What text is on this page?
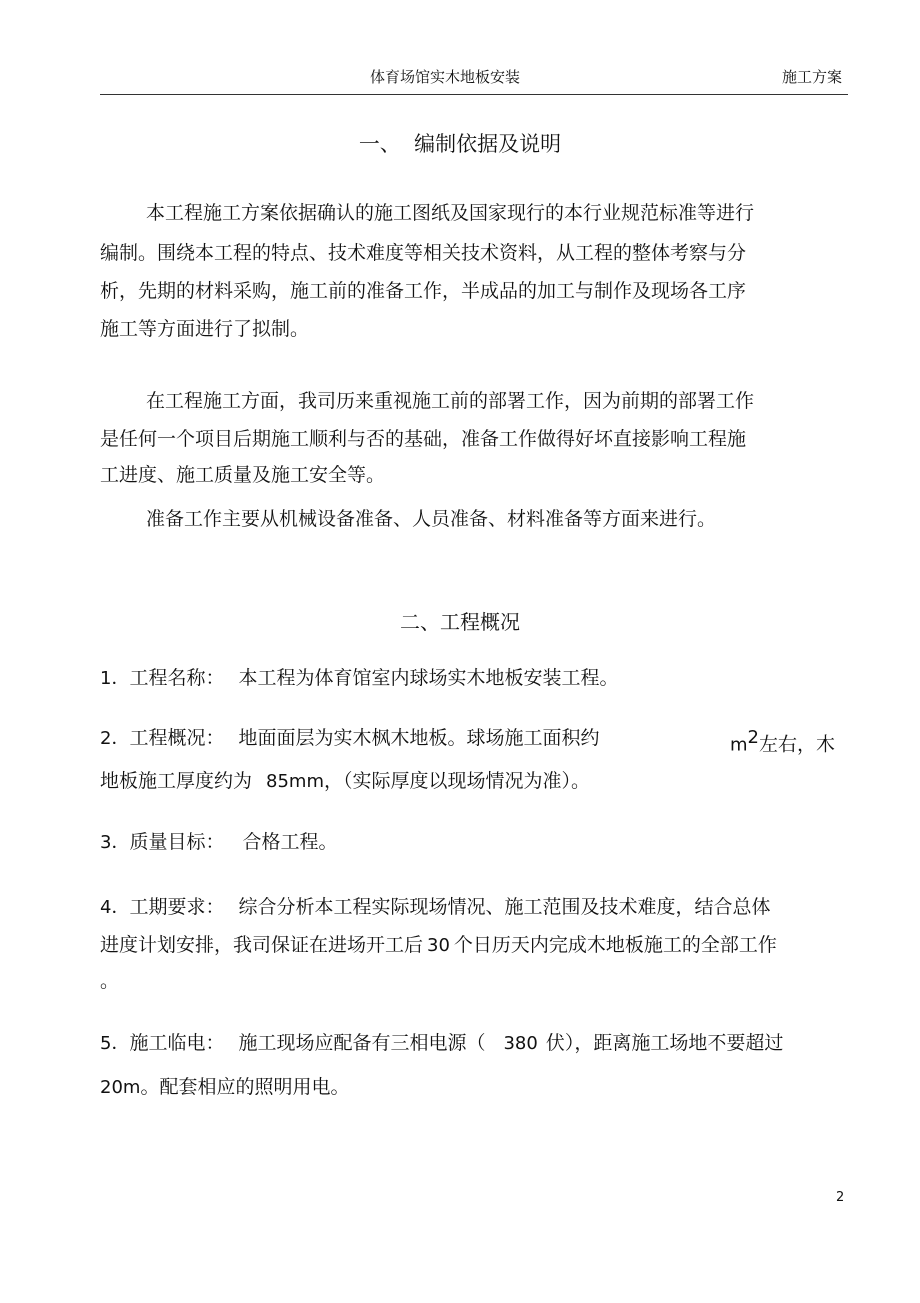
体育场馆实木地板安装	施工方案
一、  编制依据及说明
本工程施工方案依据确认的施工图纸及国家现行的本行业规范标准等进行
编制。围绕本工程的特点、技术难度等相关技术资料，从工程的整体考察与分
析，先期的材料采购，施工前的准备工作，半成品的加工与制作及现场各工序
施工等方面进行了拟制。
在工程施工方面，我司历来重视施工前的部署工作，因为前期的部署工作
是任何一个项目后期施工顺利与否的基础，准备工作做得好坏直接影响工程施
工进度、施工质量及施工安全等。
准备工作主要从机械设备准备、人员准备、材料准备等方面来进行。
二、工程概况
1．工程名称： 本工程为体育馆室内球场实木地板安装工程。
2．工程概况： 地面面层为实木枫木地板。球场施工面积约	$m^2$左右，木
地板施工厚度约为 85mm，（实际厚度以现场情况为准）。
3．质量目标： 合格工程。
4．工期要求： 综合分析本工程实际现场情况、施工范围及技术难度，结合总体
进度计划安排，我司保证在进场开工后 30 个日历天内完成木地板施工的全部工作
。
5．施工临电： 施工现场应配备有三相电源（ 380 伏），距离施工场地不要超过
20m。配套相应的照明用电。
2
